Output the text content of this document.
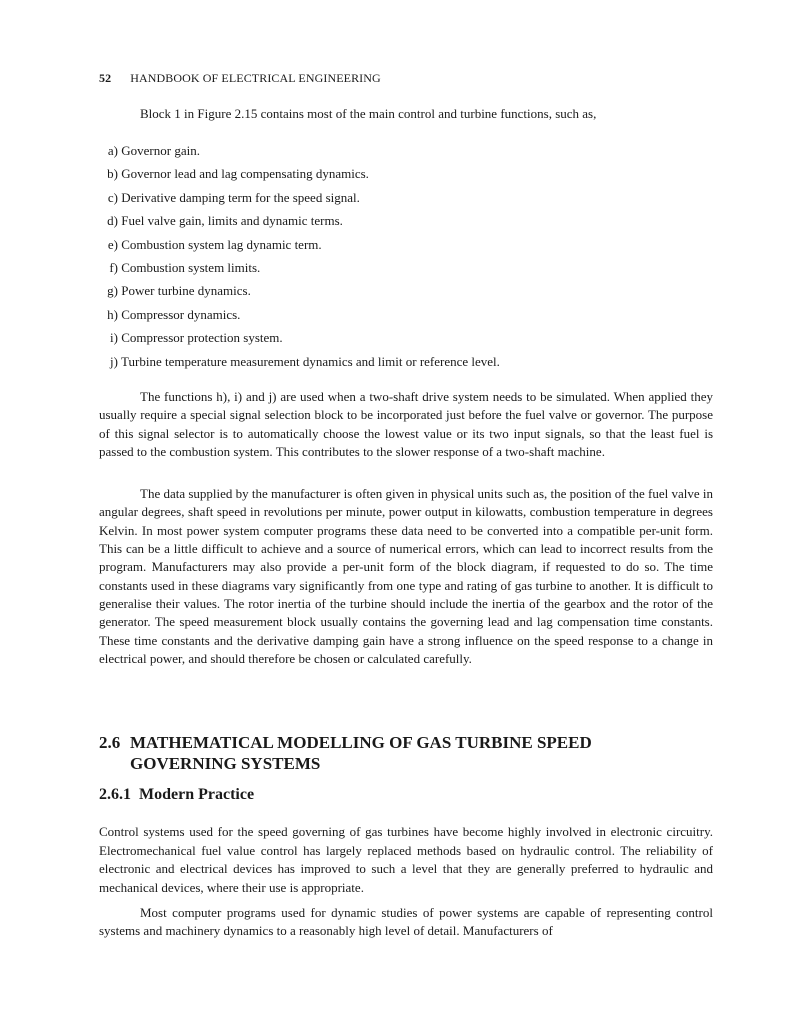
52 HANDBOOK OF ELECTRICAL ENGINEERING
Block 1 in Figure 2.15 contains most of the main control and turbine functions, such as,
a) Governor gain.
b) Governor lead and lag compensating dynamics.
c) Derivative damping term for the speed signal.
d) Fuel valve gain, limits and dynamic terms.
e) Combustion system lag dynamic term.
f) Combustion system limits.
g) Power turbine dynamics.
h) Compressor dynamics.
i) Compressor protection system.
j) Turbine temperature measurement dynamics and limit or reference level.

The functions h), i) and j) are used when a two-shaft drive system needs to be simulated. When applied they usually require a special signal selection block to be incorporated just before the fuel valve or governor. The purpose of this signal selector is to automatically choose the lowest value or its two input signals, so that the least fuel is passed to the combustion system. This contributes to the slower response of a two-shaft machine.

The data supplied by the manufacturer is often given in physical units such as, the position of the fuel valve in angular degrees, shaft speed in revolutions per minute, power output in kilowatts, combustion temperature in degrees Kelvin. In most power system computer programs these data need to be converted into a compatible per-unit form. This can be a little difficult to achieve and a source of numerical errors, which can lead to incorrect results from the program. Manufacturers may also provide a per-unit form of the block diagram, if requested to do so. The time constants used in these diagrams vary significantly from one type and rating of gas turbine to another. It is difficult to generalise their values. The rotor inertia of the turbine should include the inertia of the gearbox and the rotor of the generator. The speed measurement block usually contains the governing lead and lag compensation time constants. These time constants and the derivative damping gain have a strong influence on the speed response to a change in electrical power, and should therefore be chosen or calculated carefully.

2.6 MATHEMATICAL MODELLING OF GAS TURBINE SPEED
GOVERNING SYSTEMS
2.6.1 Modern Practice

Control systems used for the speed governing of gas turbines have become highly involved in electronic circuitry. Electromechanical fuel value control has largely replaced methods based on hydraulic control. The reliability of electronic and electrical devices has improved to such a level that they are generally preferred to hydraulic and mechanical devices, where their use is appropriate.

Most computer programs used for dynamic studies of power systems are capable of representing control systems and machinery dynamics to a reasonably high level of detail. Manufacturers of
